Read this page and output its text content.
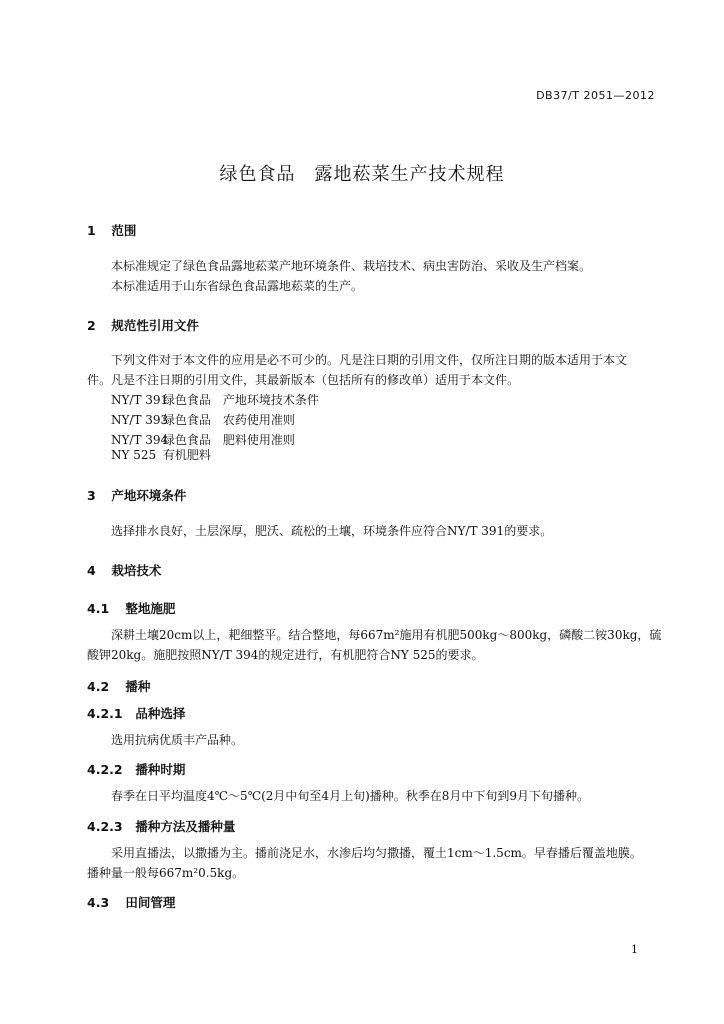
DB37/T 2051—2012
绿色食品　露地菘菜生产技术规程
1 范围
本标准规定了绿色食品露地菘菜产地环境条件、栽培技术、病虫害防治、采收及生产档案。
本标准适用于山东省绿色食品露地菘菜的生产。
2 规范性引用文件
下列文件对于本文件的应用是必不可少的。凡是注日期的引用文件，仅所注日期的版本适用于本文
件。凡是不注日期的引用文件，其最新版本（包括所有的修改单）适用于本文件。
NY/T 391 绿色食品　产地环境技术条件
NY/T 393 绿色食品　农药使用准则
NY/T 394 绿色食品　肥料使用准则
NY 525 有机肥料
3 产地环境条件
选择排水良好，土层深厚，肥沃、疏松的土壤，环境条件应符合NY/T 391的要求。
4 栽培技术
4.1 整地施肥
深耕土壤20cm以上，耙细整平。结合整地，每667m²施用有机肥500kg～800kg，磷酸二铵30kg，硫
酸钾20kg。施肥按照NY/T 394的规定进行，有机肥符合NY 525的要求。
4.2 播种
4.2.1 品种选择
选用抗病优质丰产品种。
4.2.2 播种时期
春季在日平均温度4℃～5℃(2月中旬至4月上旬)播种。秋季在8月中下旬到9月下旬播种。
4.2.3 播种方法及播种量
采用直播法，以撒播为主。播前浇足水，水渗后均匀撒播，覆土1cm～1.5cm。早春播后覆盖地膜。
播种量一般每667m²0.5kg。
4.3 田间管理
1
